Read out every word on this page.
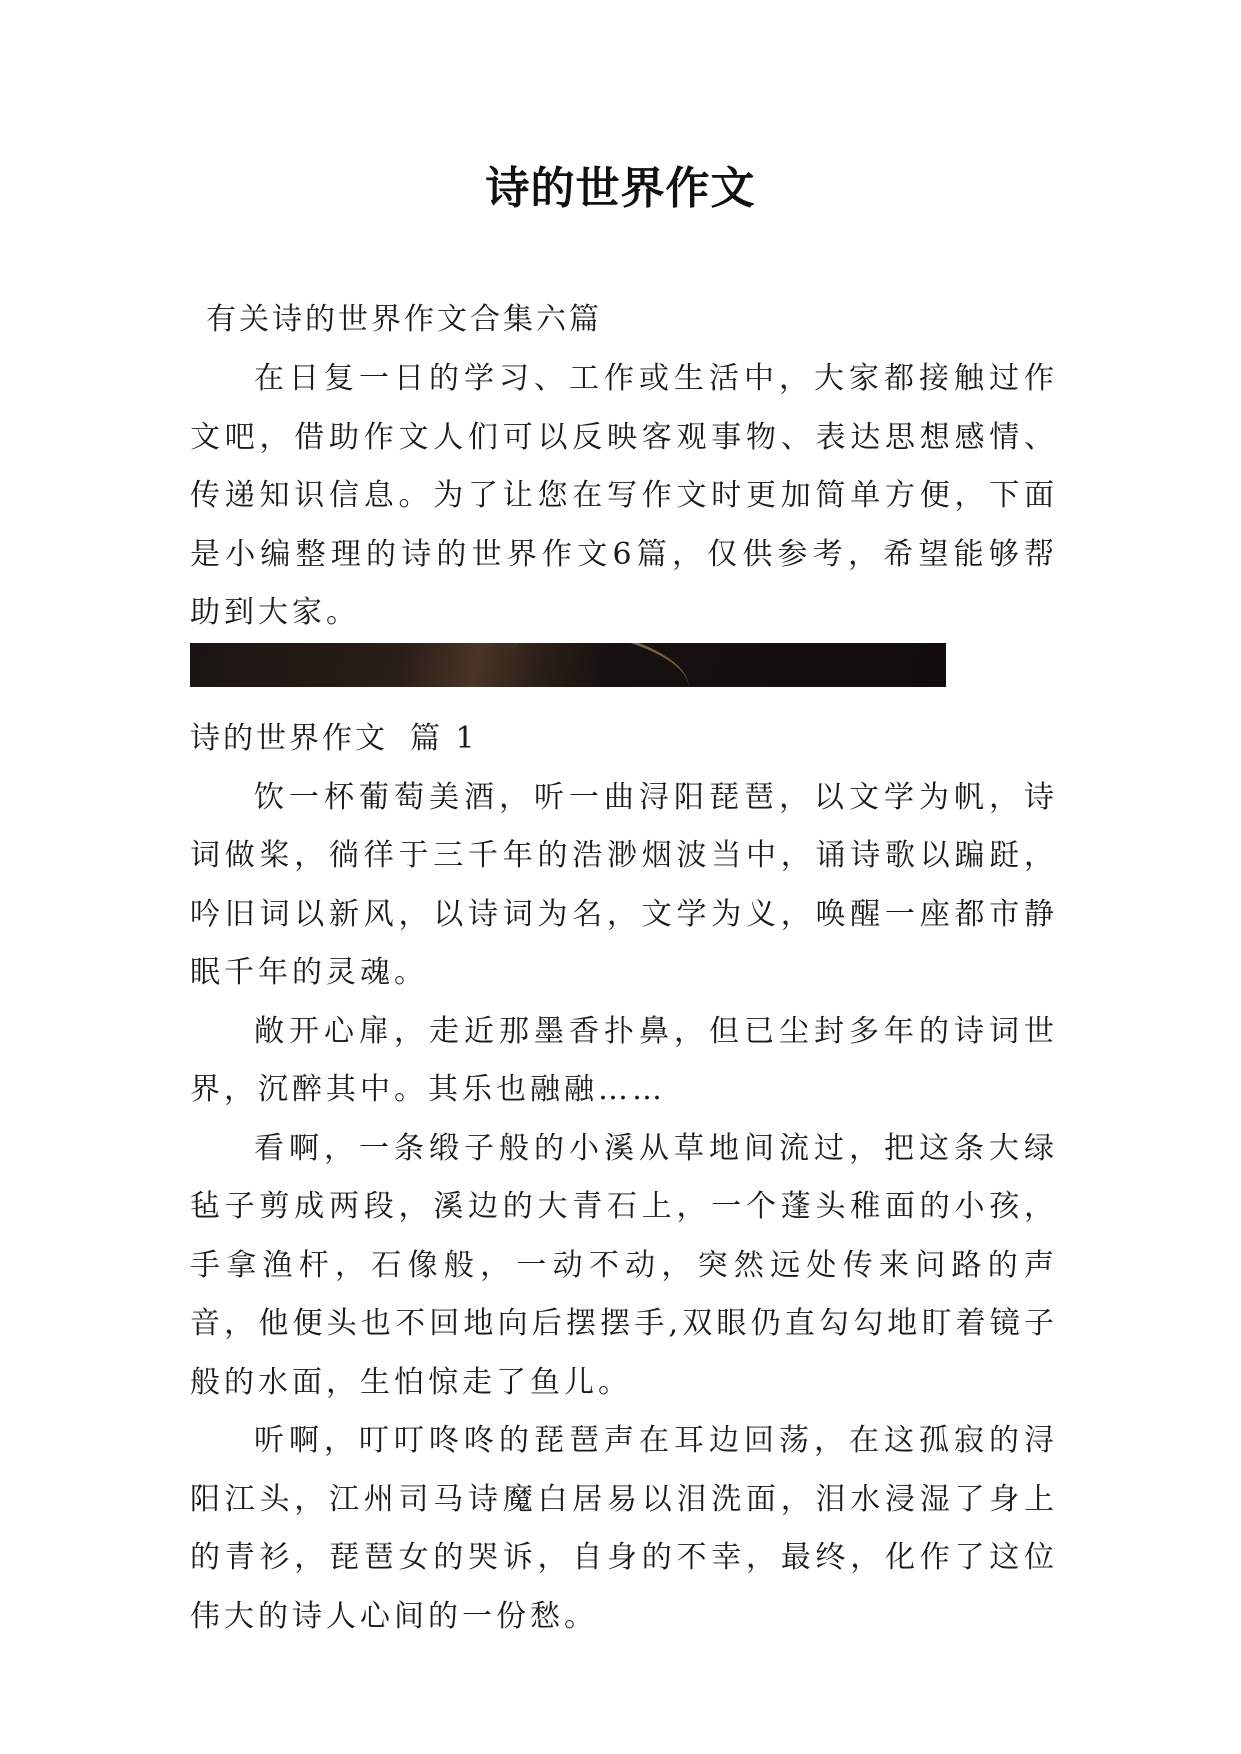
诗的世界作文

有关诗的世界作文合集六篇

在日复一日的学习、工作或生活中，大家都接触过作文吧，借助作文人们可以反映客观事物、表达思想感情、传递知识信息。为了让您在写作文时更加简单方便，下面是小编整理的诗的世界作文6篇，仅供参考，希望能够帮助到大家。

诗的世界作文 篇 1

饮一杯葡萄美酒，听一曲浔阳琵琶，以文学为帆，诗词做桨，徜徉于三千年的浩渺烟波当中，诵诗歌以蹁跹，吟旧词以新风，以诗词为名，文学为义，唤醒一座都市静眠千年的灵魂。

敞开心扉，走近那墨香扑鼻，但已尘封多年的诗词世界，沉醉其中。其乐也融融……

看啊，一条缎子般的小溪从草地间流过，把这条大绿毡子剪成两段，溪边的大青石上，一个蓬头稚面的小孩，手拿渔杆，石像般，一动不动，突然远处传来问路的声音，他便头也不回地向后摆摆手,双眼仍直勾勾地盯着镜子般的水面，生怕惊走了鱼儿。

听啊，叮叮咚咚的琵琶声在耳边回荡，在这孤寂的浔阳江头，江州司马诗魔白居易以泪洗面，泪水浸湿了身上的青衫，琵琶女的哭诉，自身的不幸，最终，化作了这位伟大的诗人心间的一份愁。
